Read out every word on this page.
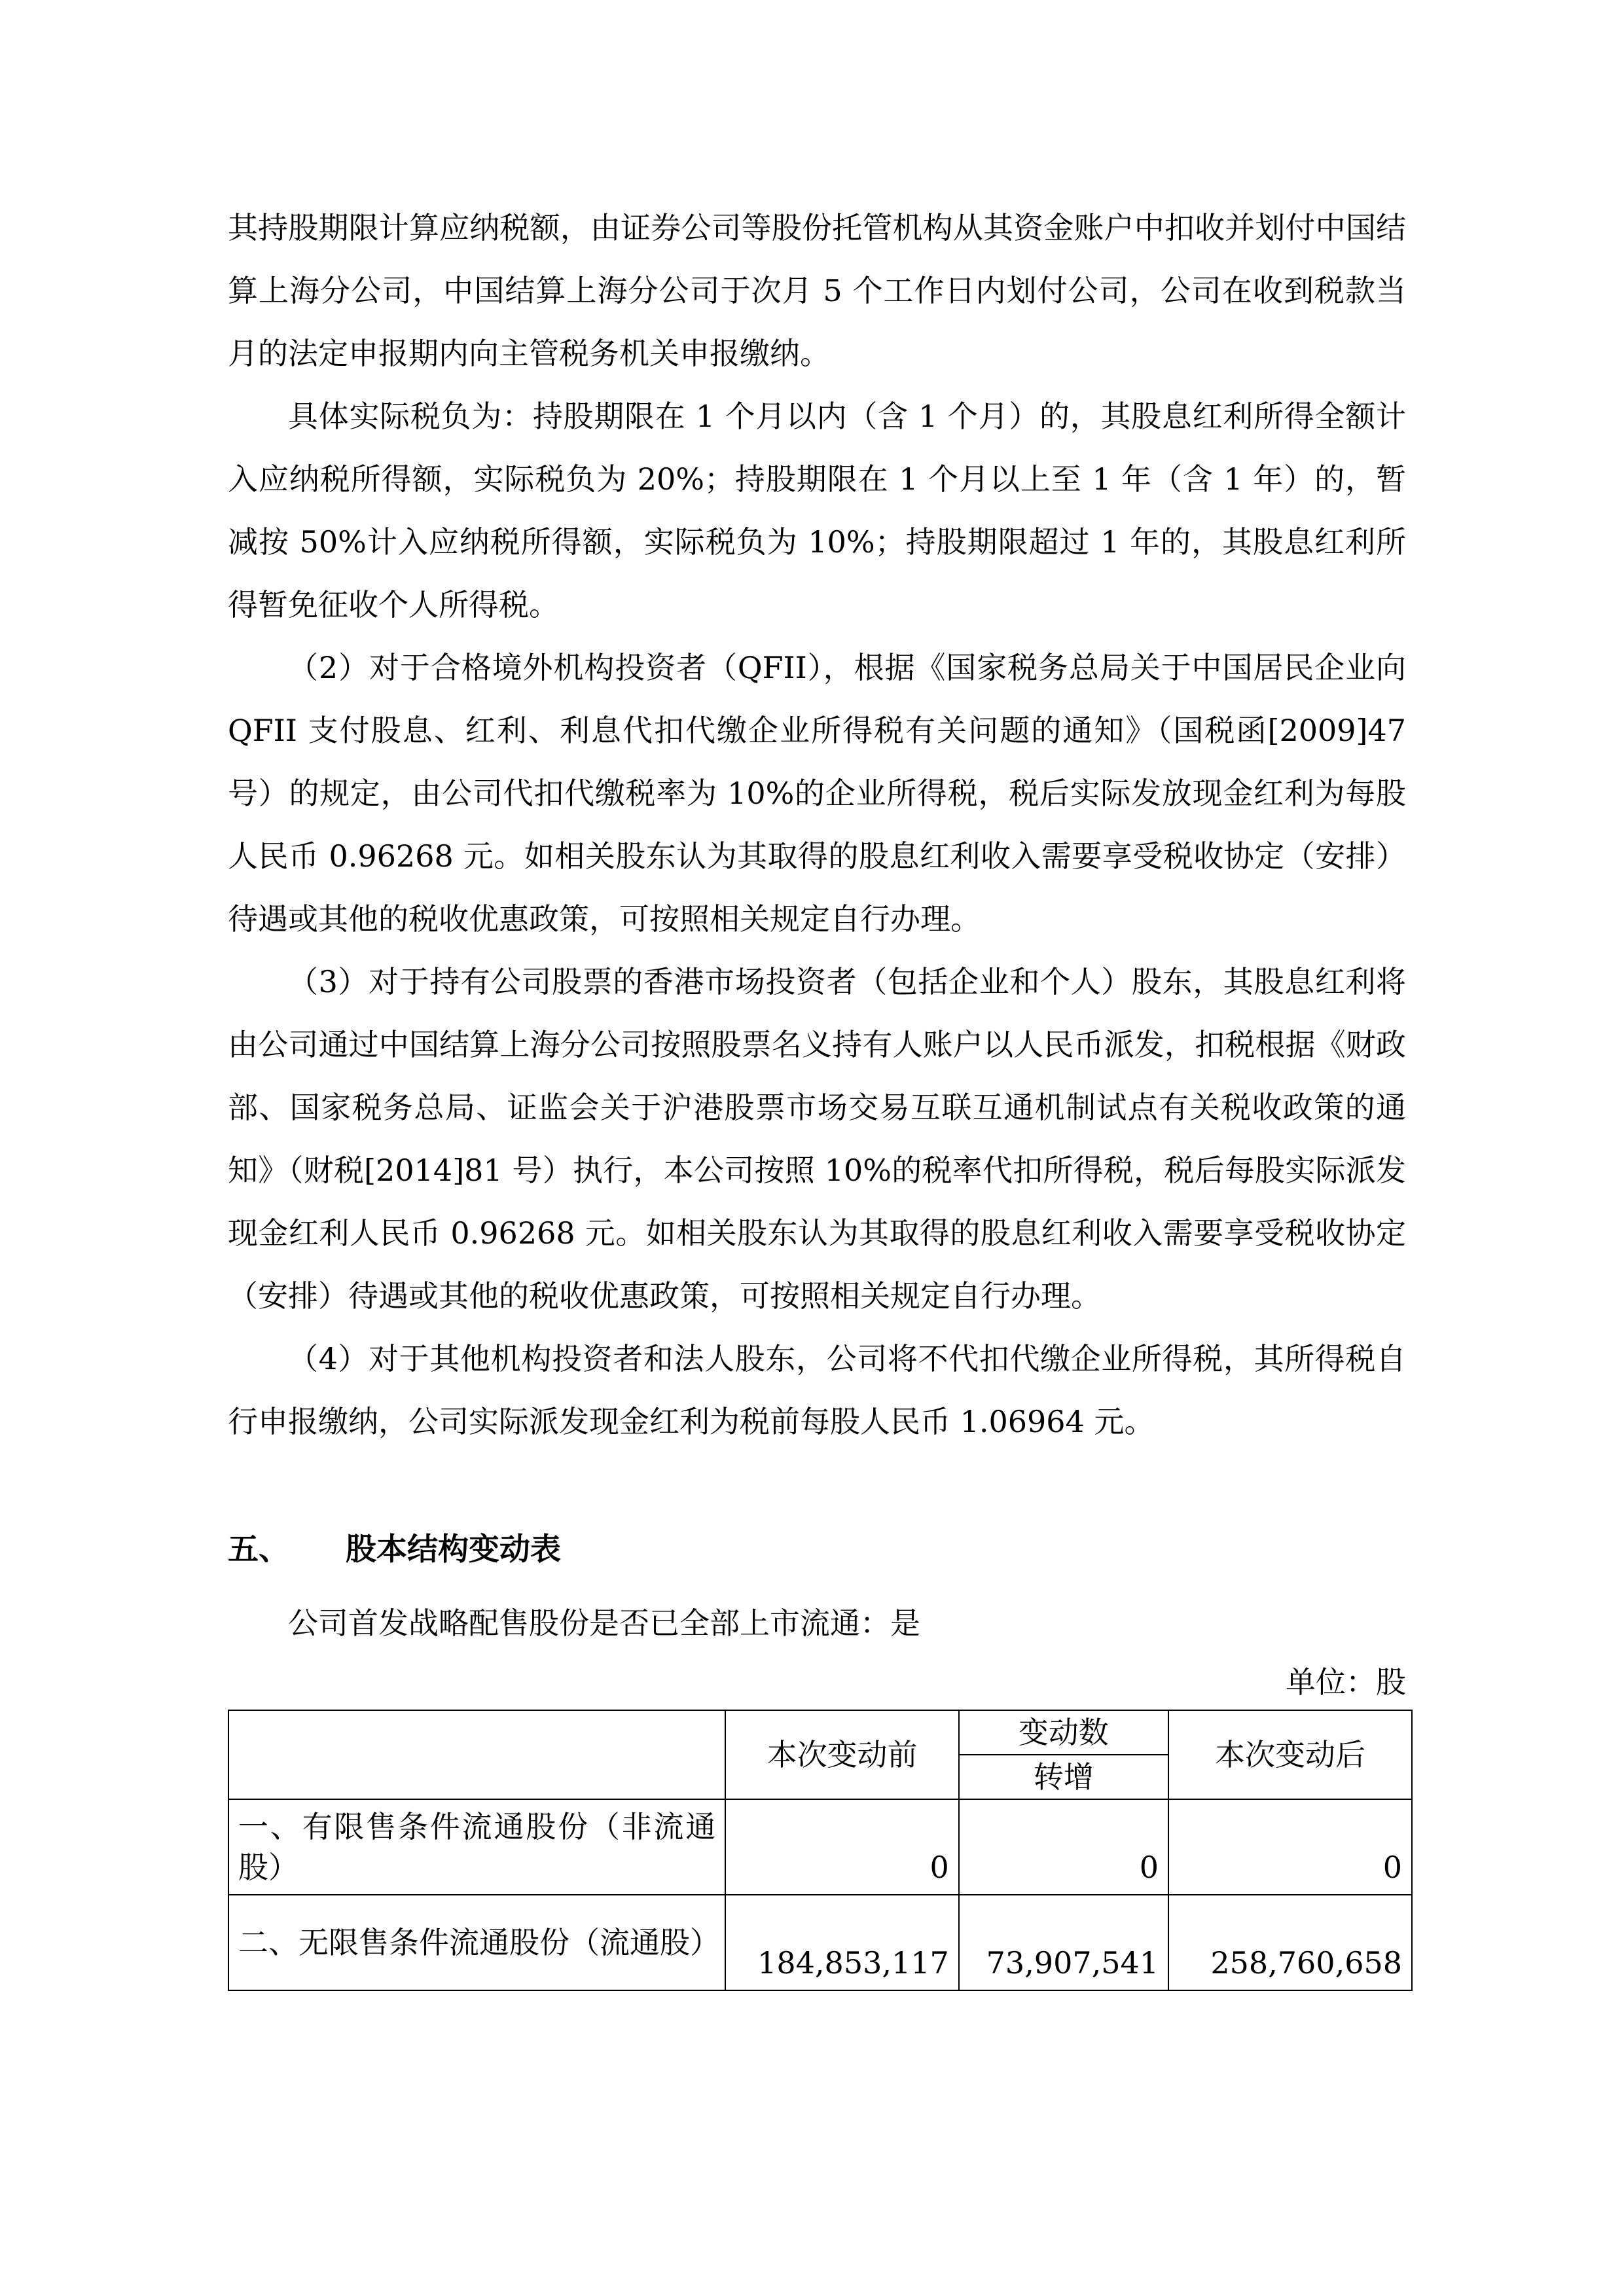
其持股期限计算应纳税额，由证券公司等股份托管机构从其资金账户中扣收并划付中国结算上海分公司，中国结算上海分公司于次月 5 个工作日内划付公司，公司在收到税款当月的法定申报期内向主管税务机关申报缴纳。

具体实际税负为：持股期限在 1 个月以内（含 1 个月）的，其股息红利所得全额计入应纳税所得额，实际税负为 20%；持股期限在 1 个月以上至 1 年（含 1 年）的，暂减按 50%计入应纳税所得额，实际税负为 10%；持股期限超过 1 年的，其股息红利所得暂免征收个人所得税。

（2）对于合格境外机构投资者（QFII），根据《国家税务总局关于中国居民企业向 QFII 支付股息、红利、利息代扣代缴企业所得税有关问题的通知》（国税函[2009]47 号）的规定，由公司代扣代缴税率为 10%的企业所得税，税后实际发放现金红利为每股人民币 0.96268 元。如相关股东认为其取得的股息红利收入需要享受税收协定（安排）待遇或其他的税收优惠政策，可按照相关规定自行办理。

（3）对于持有公司股票的香港市场投资者（包括企业和个人）股东，其股息红利将由公司通过中国结算上海分公司按照股票名义持有人账户以人民币派发，扣税根据《财政部、国家税务总局、证监会关于沪港股票市场交易互联互通机制试点有关税收政策的通知》（财税[2014]81 号）执行，本公司按照 10%的税率代扣所得税，税后每股实际派发现金红利人民币 0.96268 元。如相关股东认为其取得的股息红利收入需要享受税收协定（安排）待遇或其他的税收优惠政策，可按照相关规定自行办理。

（4）对于其他机构投资者和法人股东，公司将不代扣代缴企业所得税，其所得税自行申报缴纳，公司实际派发现金红利为税前每股人民币 1.06964 元。

五、	股本结构变动表

公司首发战略配售股份是否已全部上市流通：是

单位：股

	本次变动前	变动数	本次变动后
		转增	
一、有限售条件流通股份（非流通股）	0	0	0
二、无限售条件流通股份（流通股）	184,853,117	73,907,541	258,760,658
